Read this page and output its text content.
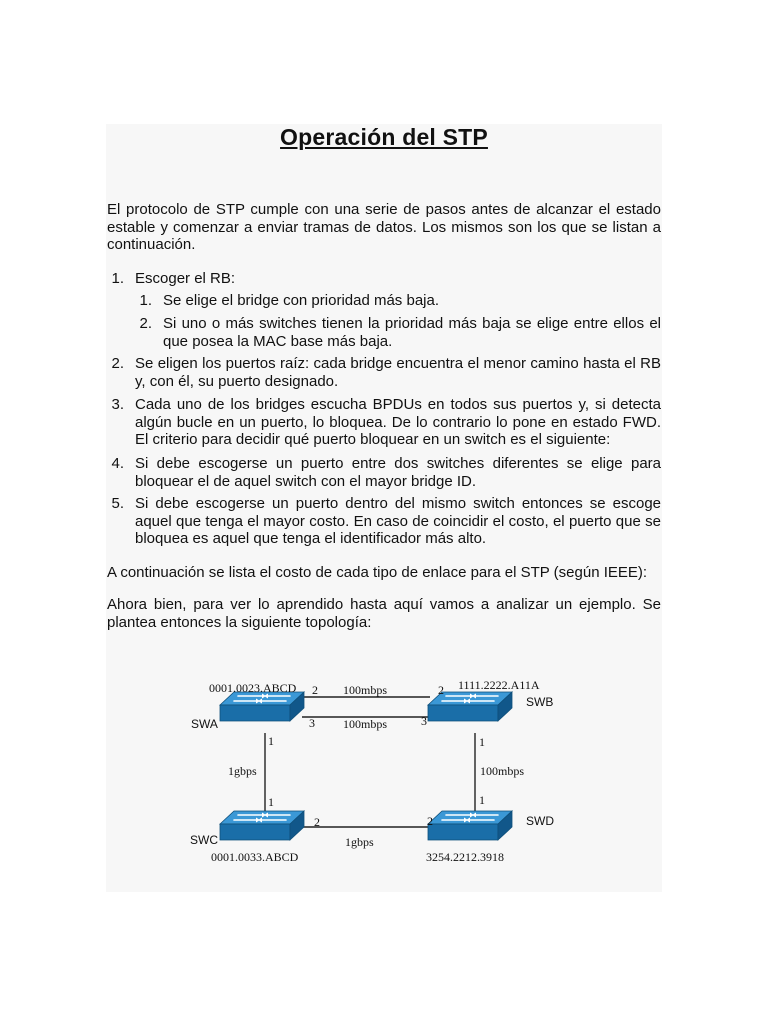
Operación del STP

El protocolo de STP cumple con una serie de pasos antes de alcanzar el estado estable y comenzar a enviar tramas de datos. Los mismos son los que se listan a continuación.

1. Escoger el RB:
1. Se elige el bridge con prioridad más baja.
2. Si uno o más switches tienen la prioridad más baja se elige entre ellos el que posea la MAC base más baja.
2. Se eligen los puertos raíz: cada bridge encuentra el menor camino hasta el RB y, con él, su puerto designado.
3. Cada uno de los bridges escucha BPDUs en todos sus puertos y, si detecta algún bucle en un puerto, lo bloquea. De lo contrario lo pone en estado FWD. El criterio para decidir qué puerto bloquear en un switch es el siguiente:
4. Si debe escogerse un puerto entre dos switches diferentes se elige para bloquear el de aquel switch con el mayor bridge ID.
5. Si debe escogerse un puerto dentro del mismo switch entonces se escoge aquel que tenga el mayor costo. En caso de coincidir el costo, el puerto que se bloquea es aquel que tenga el identificador más alto.

A continuación se lista el costo de cada tipo de enlace para el STP (según IEEE):

Ahora bien, para ver lo aprendido hasta aquí vamos a analizar un ejemplo. Se plantea entonces la siguiente topología:

SWA
SWB
SWC
SWD
0001.0023.ABCD	1111.2222.A11A
0001.0033.ABCD	3254.2212.3918
100mbps
100mbps
1gbps	100mbps
1gbps
2	2
3	3
1
1
1
1
2	2
